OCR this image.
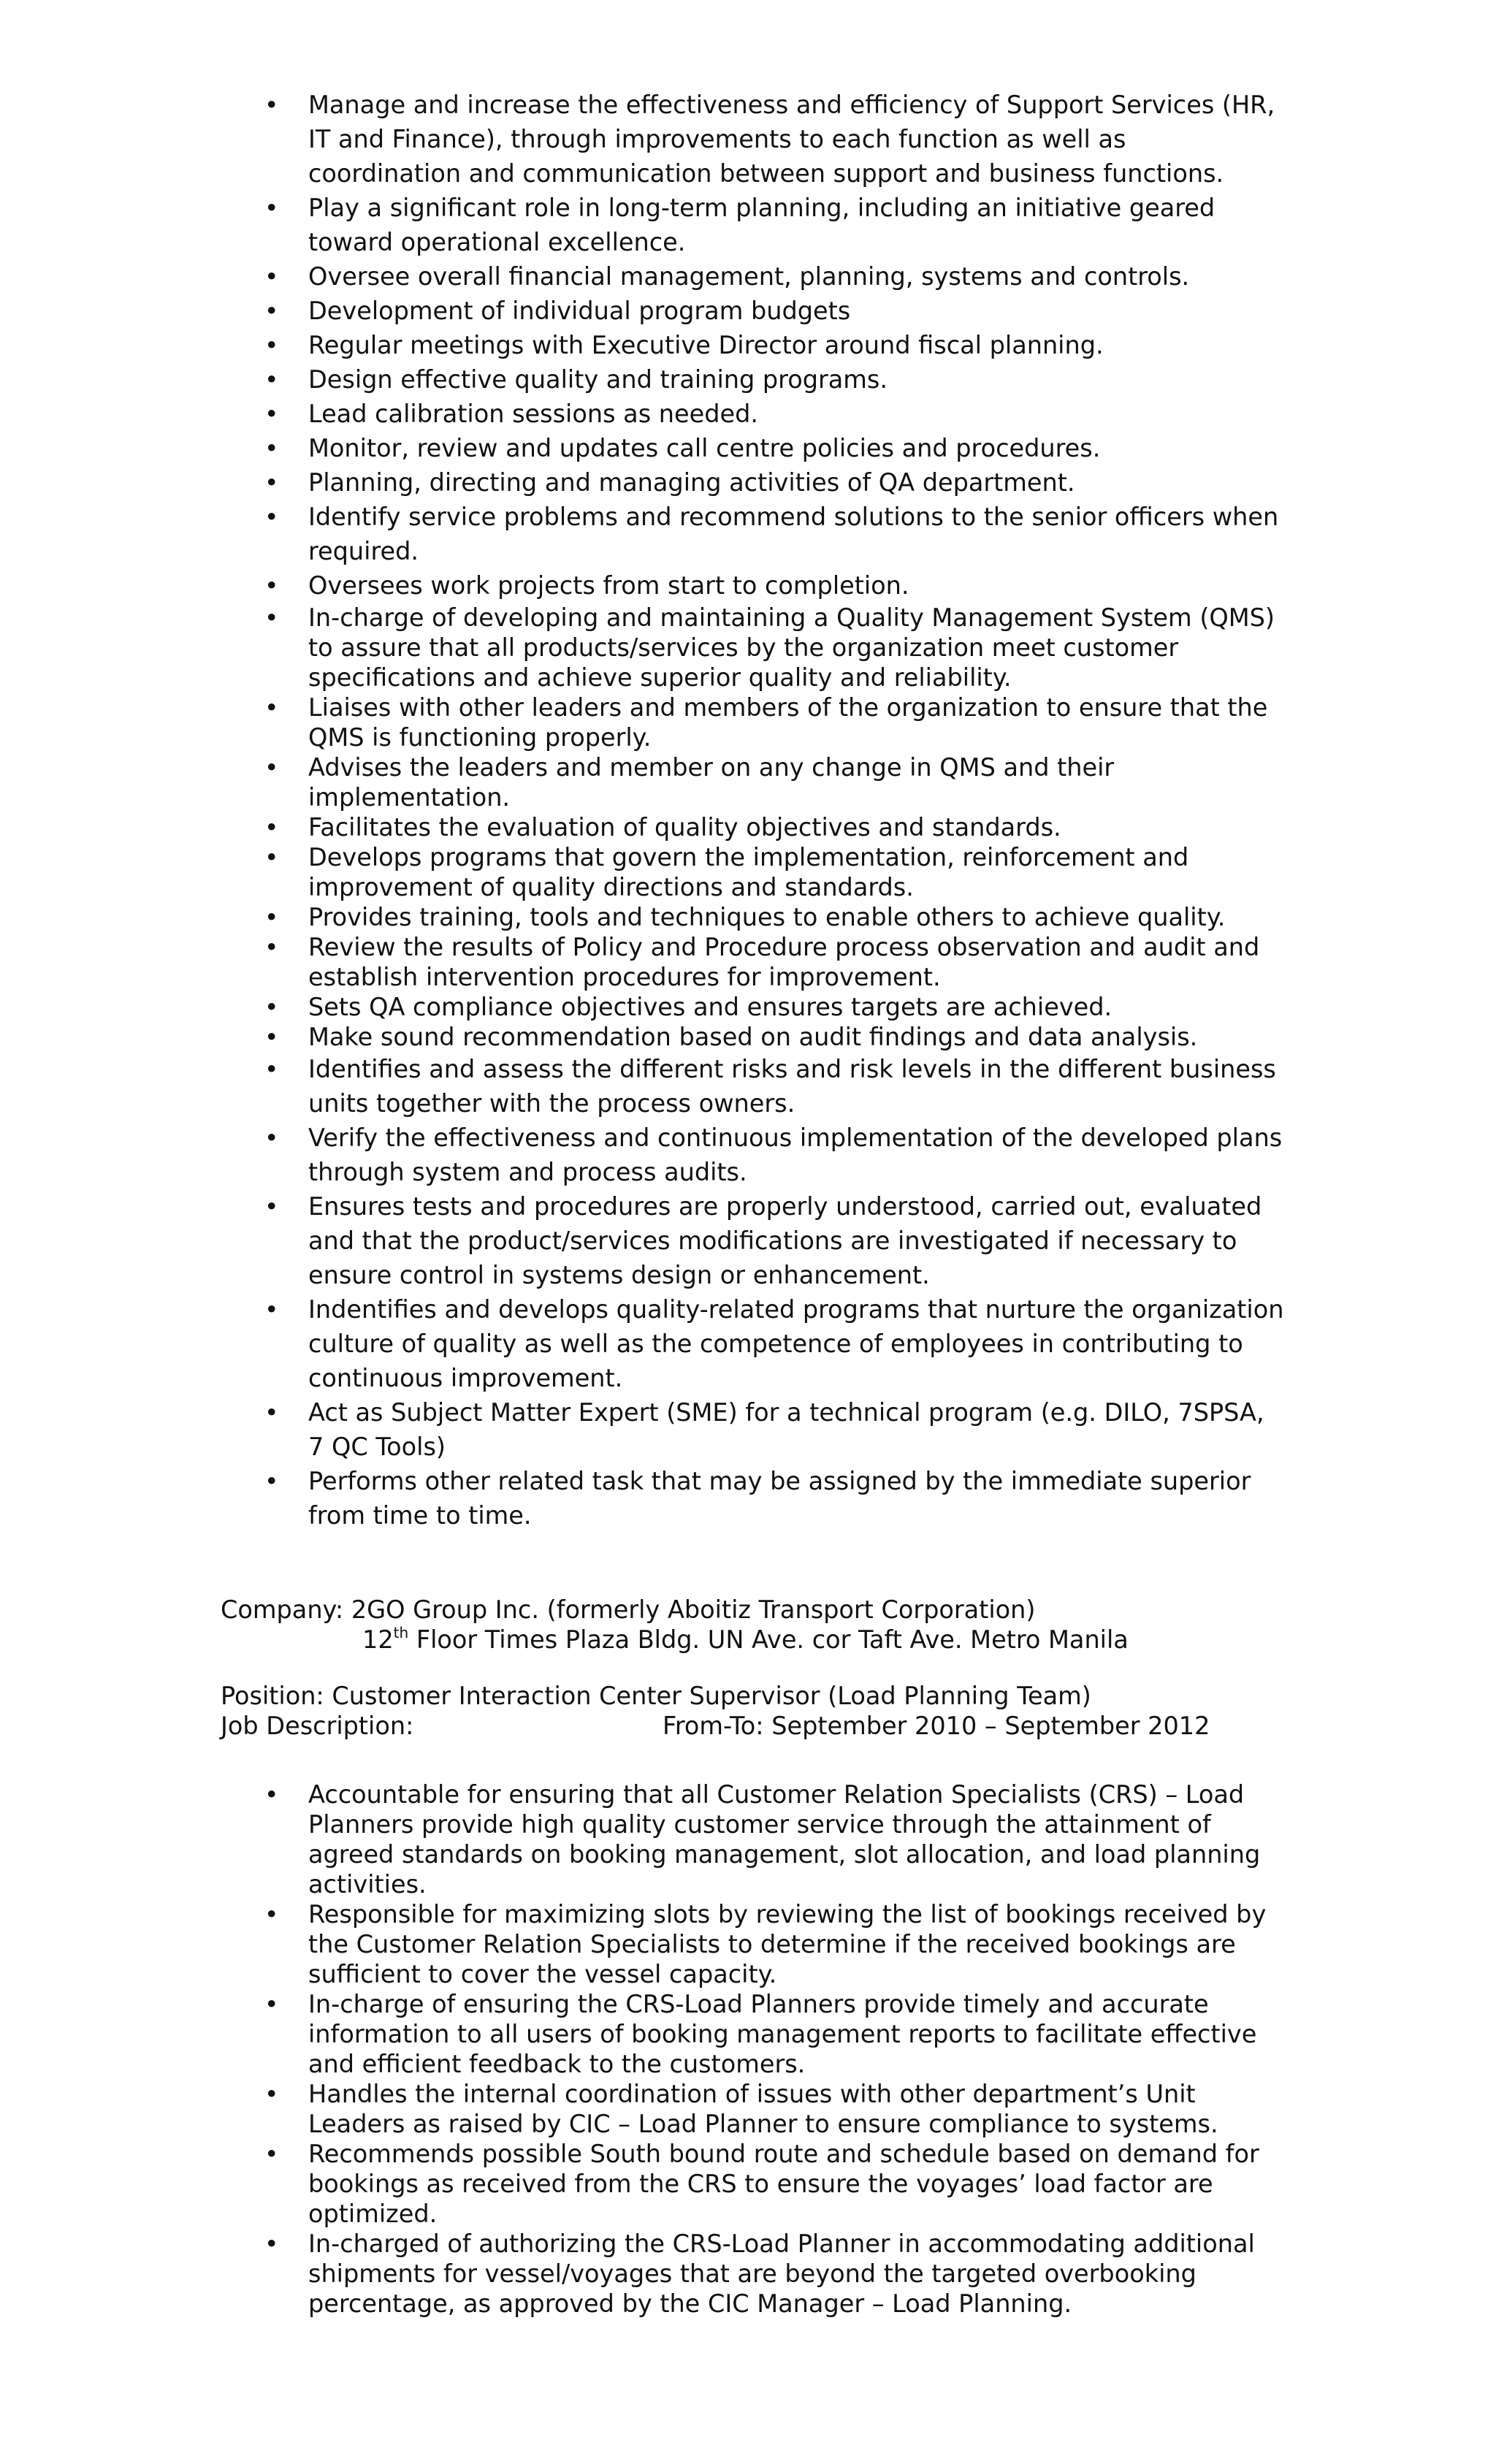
• Manage and increase the effectiveness and efficiency of Support Services (HR, IT and Finance), through improvements to each function as well as coordination and communication between support and business functions.
• Play a significant role in long-term planning, including an initiative geared toward operational excellence.
• Oversee overall financial management, planning, systems and controls.
• Development of individual program budgets
• Regular meetings with Executive Director around fiscal planning.
• Design effective quality and training programs.
• Lead calibration sessions as needed.
• Monitor, review and updates call centre policies and procedures.
• Planning, directing and managing activities of QA department.
• Identify service problems and recommend solutions to the senior officers when required.
• Oversees work projects from start to completion.
• In-charge of developing and maintaining a Quality Management System (QMS) to assure that all products/services by the organization meet customer specifications and achieve superior quality and reliability.
• Liaises with other leaders and members of the organization to ensure that the QMS is functioning properly.
• Advises the leaders and member on any change in QMS and their implementation.
• Facilitates the evaluation of quality objectives and standards.
• Develops programs that govern the implementation, reinforcement and improvement of quality directions and standards.
• Provides training, tools and techniques to enable others to achieve quality.
• Review the results of Policy and Procedure process observation and audit and establish intervention procedures for improvement.
• Sets QA compliance objectives and ensures targets are achieved.
• Make sound recommendation based on audit findings and data analysis.
• Identifies and assess the different risks and risk levels in the different business units together with the process owners.
• Verify the effectiveness and continuous implementation of the developed plans through system and process audits.
• Ensures tests and procedures are properly understood, carried out, evaluated and that the product/services modifications are investigated if necessary to ensure control in systems design or enhancement.
• Indentifies and develops quality-related programs that nurture the organization culture of quality as well as the competence of employees in contributing to continuous improvement.
• Act as Subject Matter Expert (SME) for a technical program (e.g. DILO, 7SPSA, 7 QC Tools)
• Performs other related task that may be assigned by the immediate superior from time to time.
Company: 2GO Group Inc. (formerly Aboitiz Transport Corporation)
12th Floor Times Plaza Bldg. UN Ave. cor Taft Ave. Metro Manila
Position: Customer Interaction Center Supervisor (Load Planning Team)
Job Description:	From-To: September 2010 – September 2012
• Accountable for ensuring that all Customer Relation Specialists (CRS) – Load Planners provide high quality customer service through the attainment of agreed standards on booking management, slot allocation, and load planning activities.
• Responsible for maximizing slots by reviewing the list of bookings received by the Customer Relation Specialists to determine if the received bookings are sufficient to cover the vessel capacity.
• In-charge of ensuring the CRS-Load Planners provide timely and accurate information to all users of booking management reports to facilitate effective and efficient feedback to the customers.
• Handles the internal coordination of issues with other department’s Unit Leaders as raised by CIC – Load Planner to ensure compliance to systems.
• Recommends possible South bound route and schedule based on demand for bookings as received from the CRS to ensure the voyages’ load factor are optimized.
• In-charged of authorizing the CRS-Load Planner in accommodating additional shipments for vessel/voyages that are beyond the targeted overbooking percentage, as approved by the CIC Manager – Load Planning.
